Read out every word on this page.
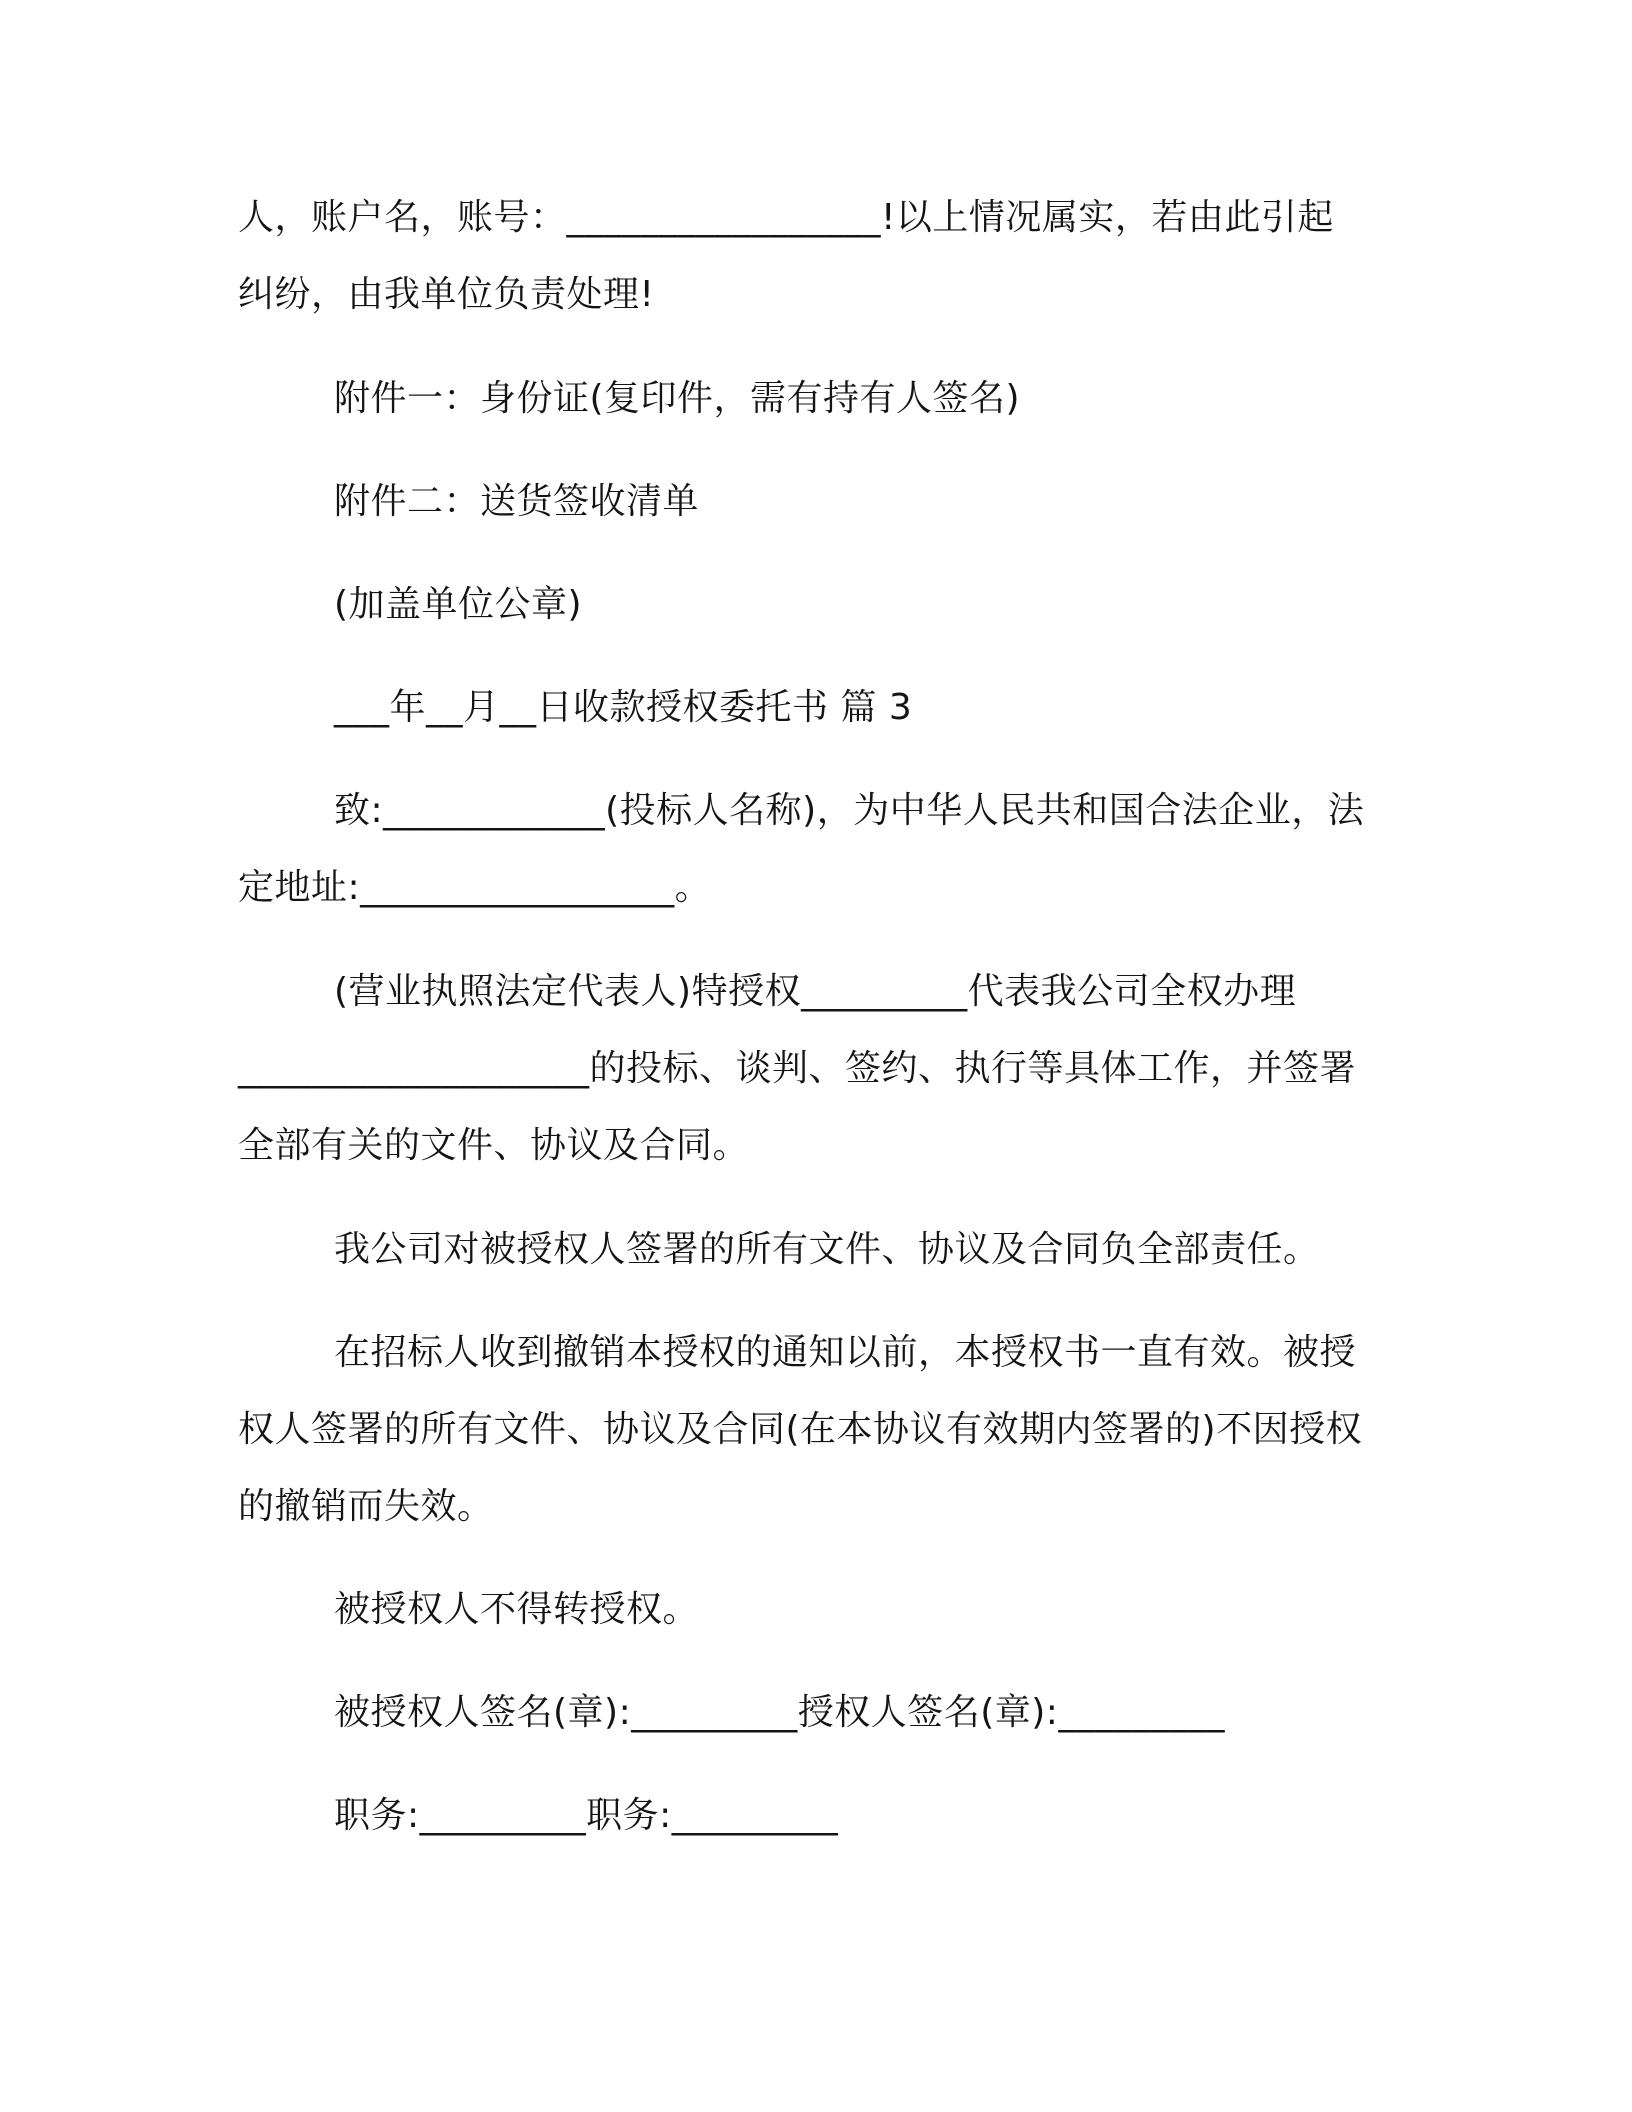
人，账户名，账号：_________________!以上情况属实，若由此引起
纠纷，由我单位负责处理!
附件一：身份证(复印件，需有持有人签名)
附件二：送货签收清单
(加盖单位公章)
___年__月__日收款授权委托书 篇 3
致:____________(投标人名称)，为中华人民共和国合法企业，法
定地址:_________________。
(营业执照法定代表人)特授权_________代表我公司全权办理
___________________的投标、谈判、签约、执行等具体工作，并签署
全部有关的文件、协议及合同。
我公司对被授权人签署的所有文件、协议及合同负全部责任。
在招标人收到撤销本授权的通知以前，本授权书一直有效。被授
权人签署的所有文件、协议及合同(在本协议有效期内签署的)不因授权
的撤销而失效。
被授权人不得转授权。
被授权人签名(章):_________授权人签名(章):_________
职务:_________职务:_________
